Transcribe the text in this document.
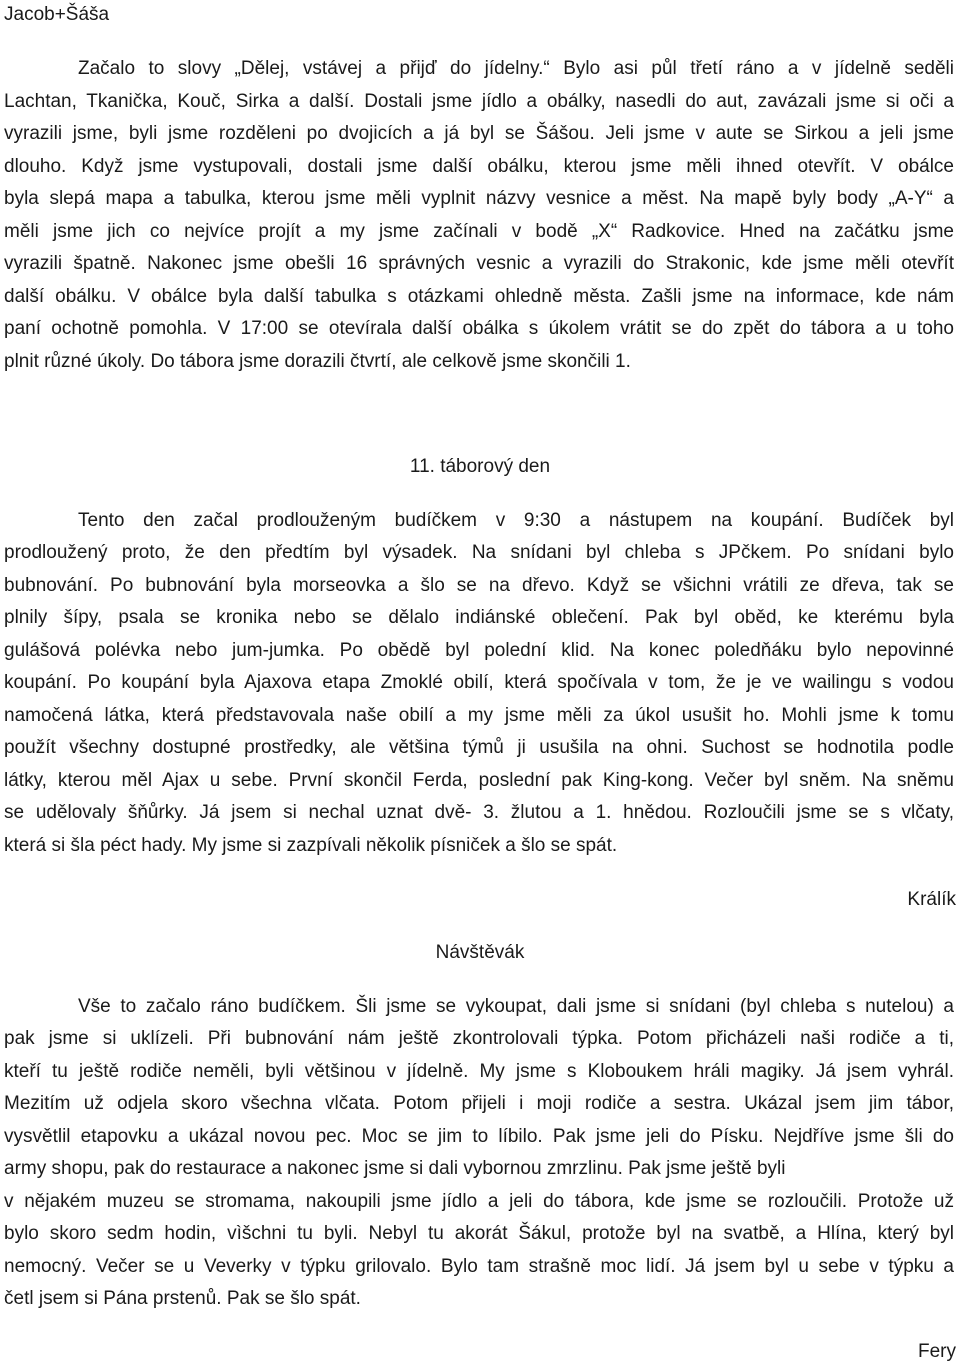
Jacob+Šáša
Začalo to slovy „Dělej, vstávej a přijď do jídelny.“ Bylo asi půl třetí ráno a v jídelně seděli
Lachtan, Tkanička, Kouč, Sirka a další. Dostali jsme jídlo a obálky, nasedli do aut, zavázali jsme si oči a
vyrazili jsme, byli jsme rozděleni po dvojicích a já byl se Šášou. Jeli jsme v aute se Sirkou a jeli jsme
dlouho. Když jsme vystupovali, dostali jsme další obálku, kterou jsme měli ihned otevřít. V obálce
byla slepá mapa a tabulka, kterou jsme měli vyplnit názvy vesnice a měst. Na mapě byly body „A-Y“ a
měli jsme jich co nejvíce projít a my jsme začínali v bodě „X“ Radkovice. Hned na začátku jsme
vyrazili špatně. Nakonec jsme obešli 16 správných vesnic a vyrazili do Strakonic, kde jsme měli otevřít
další obálku. V obálce byla další tabulka s otázkami ohledně města. Zašli jsme na informace, kde nám
paní ochotně pomohla. V 17:00 se otevírala další obálka s úkolem vrátit se do zpět do tábora a u toho
plnit různé úkoly. Do tábora jsme dorazili čtvrtí, ale celkově jsme skončili 1.
11. táborový den
Tento den začal prodlouženým budíčkem v 9:30 a nástupem na koupání. Budíček byl
prodloužený proto, že den předtím byl výsadek. Na snídani byl chleba s JPčkem. Po snídani bylo
bubnování. Po bubnování byla morseovka a šlo se na dřevo. Když se všichni vrátili ze dřeva, tak se
plnily šípy, psala se kronika nebo se dělalo indiánské oblečení. Pak byl oběd, ke kterému byla
gulášová polévka nebo jum-jumka. Po obědě byl polední klid. Na konec poledňáku bylo nepovinné
koupání. Po koupání byla Ajaxova etapa Zmoklé obilí, která spočívala v tom, že je ve wailingu s vodou
namočená látka, která představovala naše obilí a my jsme měli za úkol usušit ho. Mohli jsme k tomu
použít všechny dostupné prostředky, ale většina týmů ji usušila na ohni. Suchost se hodnotila podle
látky, kterou měl Ajax u sebe. První skončil Ferda, poslední pak King-kong. Večer byl sněm. Na sněmu
se udělovaly šňůrky. Já jsem si nechal uznat dvě- 3. žlutou a 1. hnědou. Rozloučili jsme se s vlčaty,
která si šla péct hady. My jsme si zazpívali několik písniček a šlo se spát.
Králík
Návštěvák
Vše to začalo ráno budíčkem. Šli jsme se vykoupat, dali jsme si snídani (byl chleba s nutelou) a
pak jsme si uklízeli. Při bubnování nám ještě zkontrolovali týpka. Potom přicházeli naši rodiče a ti,
kteří tu ještě rodiče neměli, byli většinou v jídelně. My jsme s Kloboukem hráli magiky. Já jsem vyhrál.
Mezitím už odjela skoro všechna vlčata. Potom přijeli i moji rodiče a sestra. Ukázal jsem jim tábor,
vysvětlil etapovku a ukázal novou pec. Moc se jim to líbilo. Pak jsme jeli do Písku. Nejdříve jsme šli do
army shopu, pak do restaurace a nakonec jsme si dali vybornou zmrzlinu. Pak jsme ještě byli
v nějakém muzeu se stromama, nakoupili jsme jídlo a jeli do tábora, kde jsme se rozloučili. Protože už
bylo skoro sedm hodin, vìšchni tu byli. Nebyl tu akorát Šákul, protože byl na svatbě, a Hlína, který byl
nemocný. Večer se u Veverky v týpku grilovalo. Bylo tam strašně moc lidí. Já jsem byl u sebe v týpku a
četl jsem si Pána prstenů. Pak se šlo spát.
Fery
